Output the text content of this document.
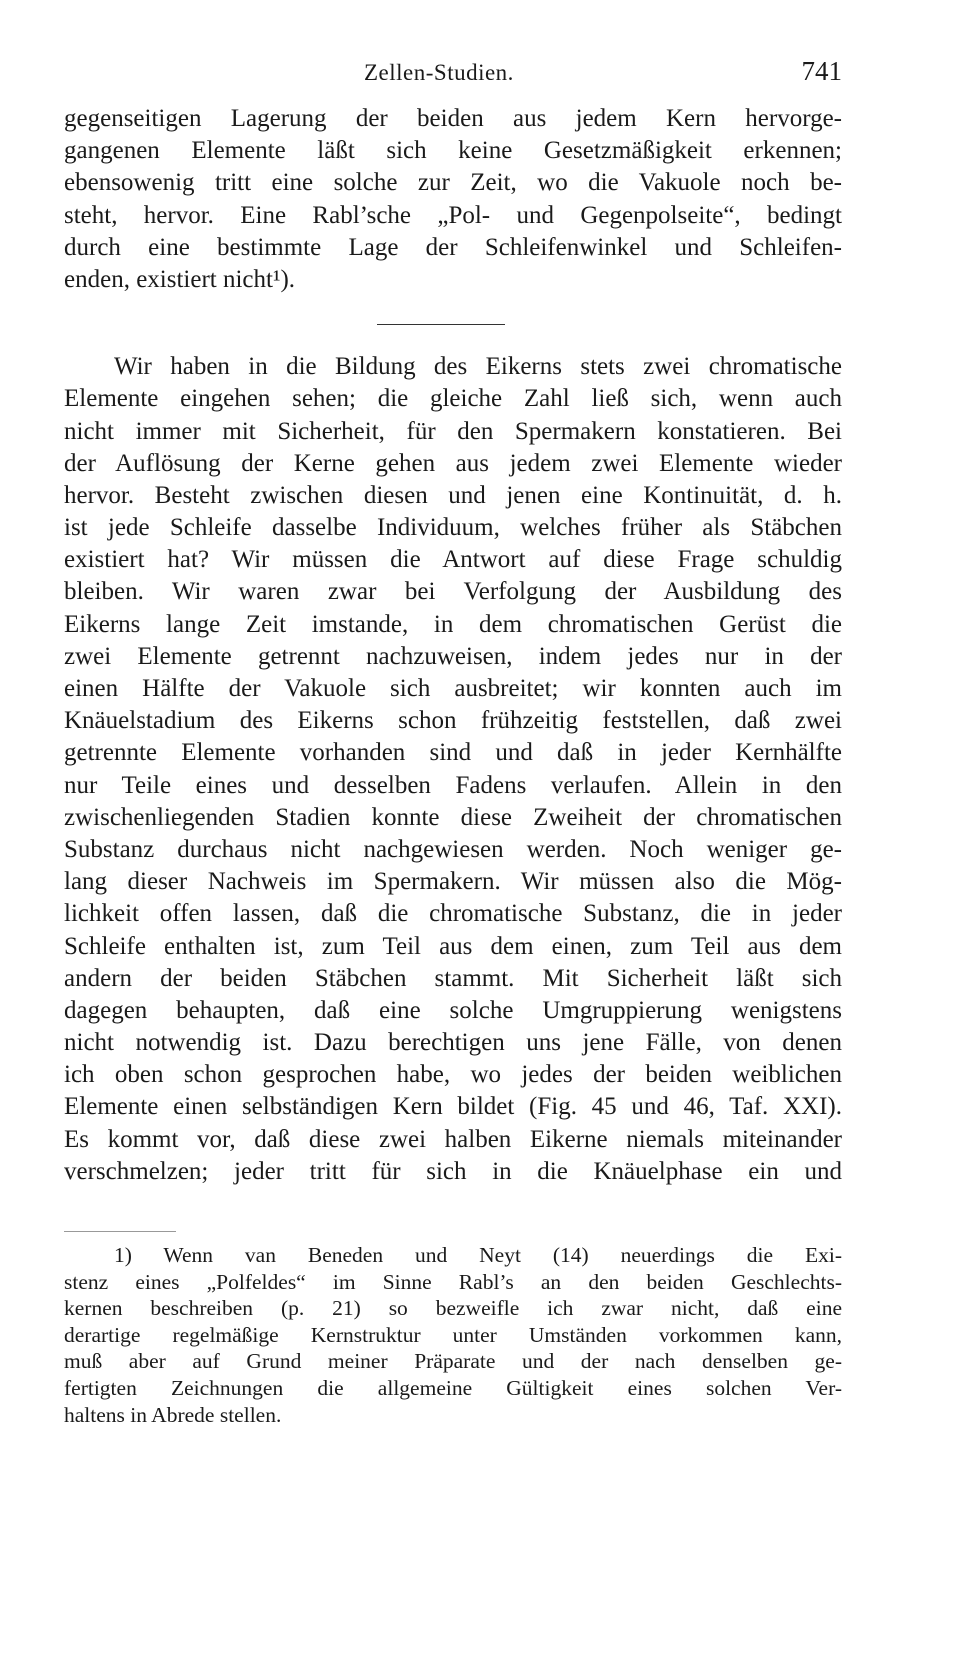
Zellen-Studien.	741
gegenseitigen Lagerung der beiden aus jedem Kern hervorge-
gangenen Elemente läßt sich keine Gesetzmäßigkeit erkennen;
ebensowenig tritt eine solche zur Zeit, wo die Vakuole noch be-
steht, hervor. Eine Rabl’sche „Pol- und Gegenpolseite“, bedingt
durch eine bestimmte Lage der Schleifenwinkel und Schleifen-
enden, existiert nicht¹).
Wir haben in die Bildung des Eikerns stets zwei chromatische
Elemente eingehen sehen; die gleiche Zahl ließ sich, wenn auch
nicht immer mit Sicherheit, für den Spermakern konstatieren. Bei
der Auflösung der Kerne gehen aus jedem zwei Elemente wieder
hervor. Besteht zwischen diesen und jenen eine Kontinuität, d. h.
ist jede Schleife dasselbe Individuum, welches früher als Stäbchen
existiert hat? Wir müssen die Antwort auf diese Frage schuldig
bleiben. Wir waren zwar bei Verfolgung der Ausbildung des
Eikerns lange Zeit imstande, in dem chromatischen Gerüst die
zwei Elemente getrennt nachzuweisen, indem jedes nur in der
einen Hälfte der Vakuole sich ausbreitet; wir konnten auch im
Knäuelstadium des Eikerns schon frühzeitig feststellen, daß zwei
getrennte Elemente vorhanden sind und daß in jeder Kernhälfte
nur Teile eines und desselben Fadens verlaufen. Allein in den
zwischenliegenden Stadien konnte diese Zweiheit der chromatischen
Substanz durchaus nicht nachgewiesen werden. Noch weniger ge-
lang dieser Nachweis im Spermakern. Wir müssen also die Mög-
lichkeit offen lassen, daß die chromatische Substanz, die in jeder
Schleife enthalten ist, zum Teil aus dem einen, zum Teil aus dem
andern der beiden Stäbchen stammt. Mit Sicherheit läßt sich
dagegen behaupten, daß eine solche Umgruppierung wenigstens
nicht notwendig ist. Dazu berechtigen uns jene Fälle, von denen
ich oben schon gesprochen habe, wo jedes der beiden weiblichen
Elemente einen selbständigen Kern bildet (Fig. 45 und 46, Taf. XXI).
Es kommt vor, daß diese zwei halben Eikerne niemals miteinander
verschmelzen; jeder tritt für sich in die Knäuelphase ein und
1) Wenn van Beneden und Neyt (14) neuerdings die Exi-
stenz eines „Polfeldes“ im Sinne Rabl’s an den beiden Geschlechts-
kernen beschreiben (p. 21) so bezweifle ich zwar nicht, daß eine
derartige regelmäßige Kernstruktur unter Umständen vorkommen kann,
muß aber auf Grund meiner Präparate und der nach denselben ge-
fertigten Zeichnungen die allgemeine Gültigkeit eines solchen Ver-
haltens in Abrede stellen.
